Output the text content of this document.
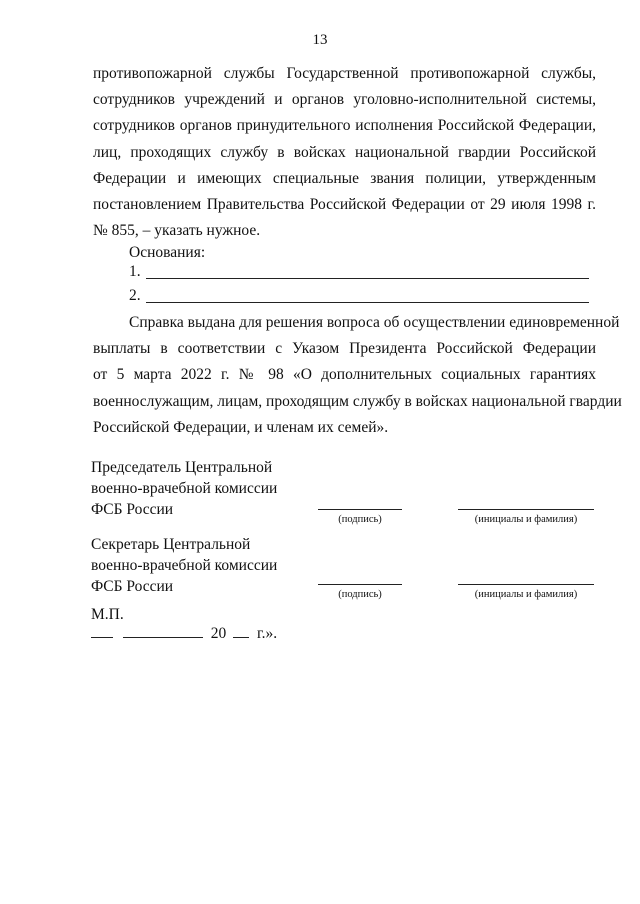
13
противопожарной службы Государственной противопожарной службы,
сотрудников учреждений и органов уголовно-исполнительной системы,
сотрудников органов принудительного исполнения Российской Федерации,
лиц, проходящих службу в войсках национальной гвардии Российской
Федерации и имеющих специальные звания полиции, утвержденным
постановлением Правительства Российской Федерации от 29 июля 1998 г.
№ 855, – указать нужное.
Основания:
1.
2.
Справка выдана для решения вопроса об осуществлении единовременной
выплаты в соответствии с Указом Президента Российской Федерации
от 5 марта 2022 г. № 98 «О дополнительных социальных гарантиях
военнослужащим, лицам, проходящим службу в войсках национальной гвардии
Российской Федерации, и членам их семей».
Председатель Центральной
военно-врачебной комиссии
ФСБ России
(подпись)	(инициалы и фамилия)
Секретарь Центральной
военно-врачебной комиссии
ФСБ России	(подпись)	(инициалы и фамилия)
М.П.
20 г.».
